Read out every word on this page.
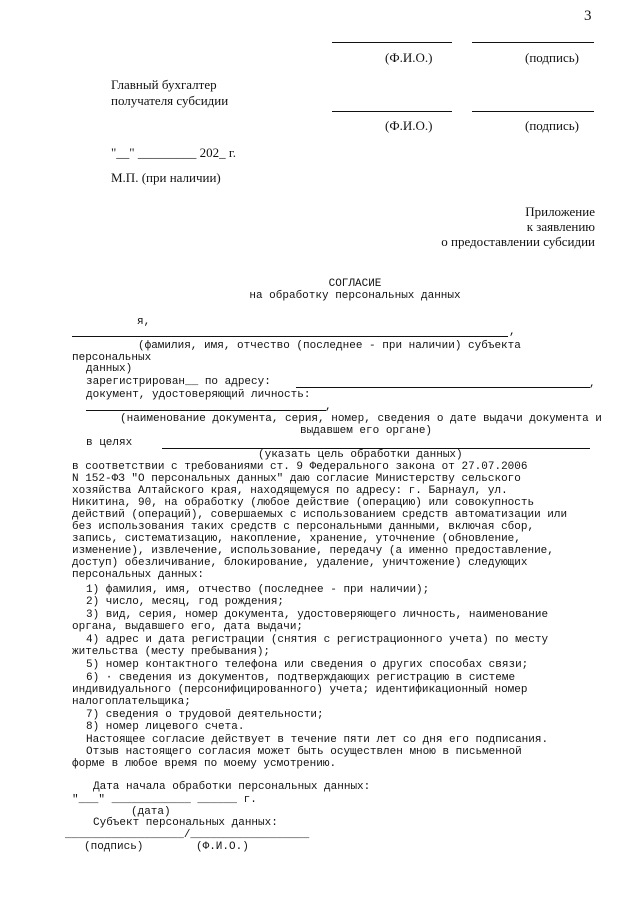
3
(Ф.И.О.)	(подпись)
Главный бухгалтер
получателя субсидии
(Ф.И.О.)	(подпись)
"__" _________ 202_ г.
М.П. (при наличии)
Приложение
к заявлению
о предоставлении субсидии
СОГЛАСИЕ
на обработку персональных данных
я,
,
(фамилия, имя, отчество (последнее - при наличии) субъекта
персональных
данных)
зарегистрирован__ по адресу:	,
документ, удостоверяющий личность:
,
(наименование документа, серия, номер, сведения о дате выдачи документа и
выдавшем его органе)
в целях
(указать цель обработки данных)
в соответствии с требованиями ст. 9 Федерального закона от 27.07.2006
N 152-ФЗ "О персональных данных" даю согласие Министерству сельского
хозяйства Алтайского края, находящемуся по адресу: г. Барнаул, ул.
Никитина, 90, на обработку (любое действие (операцию) или совокупность
действий (операций), совершаемых с использованием средств автоматизации или
без использования таких средств с персональными данными, включая сбор,
запись, систематизацию, накопление, хранение, уточнение (обновление,
изменение), извлечение, использование, передачу (а именно предоставление,
доступ) обезличивание, блокирование, удаление, уничтожение) следующих
персональных данных:
1) фамилия, имя, отчество (последнее - при наличии);
2) число, месяц, год рождения;
3) вид, серия, номер документа, удостоверяющего личность, наименование
органа, выдавшего его, дата выдачи;
4) адрес и дата регистрации (снятия с регистрационного учета) по месту
жительства (месту пребывания);
5) номер контактного телефона или сведения о других способах связи;
6) · сведения из документов, подтверждающих регистрацию в системе
индивидуального (персонифицированного) учета; идентификационный номер
налогоплательщика;
7) сведения о трудовой деятельности;
8) номер лицевого счета.
Настоящее согласие действует в течение пяти лет со дня его подписания.
Отзыв настоящего согласия может быть осуществлен мною в письменной
форме в любое время по моему усмотрению.
Дата начала обработки персональных данных:
"___" ____________ ______ г.
(дата)
Субъект персональных данных:
__________________/__________________
(подпись)	(Ф.И.О.)
